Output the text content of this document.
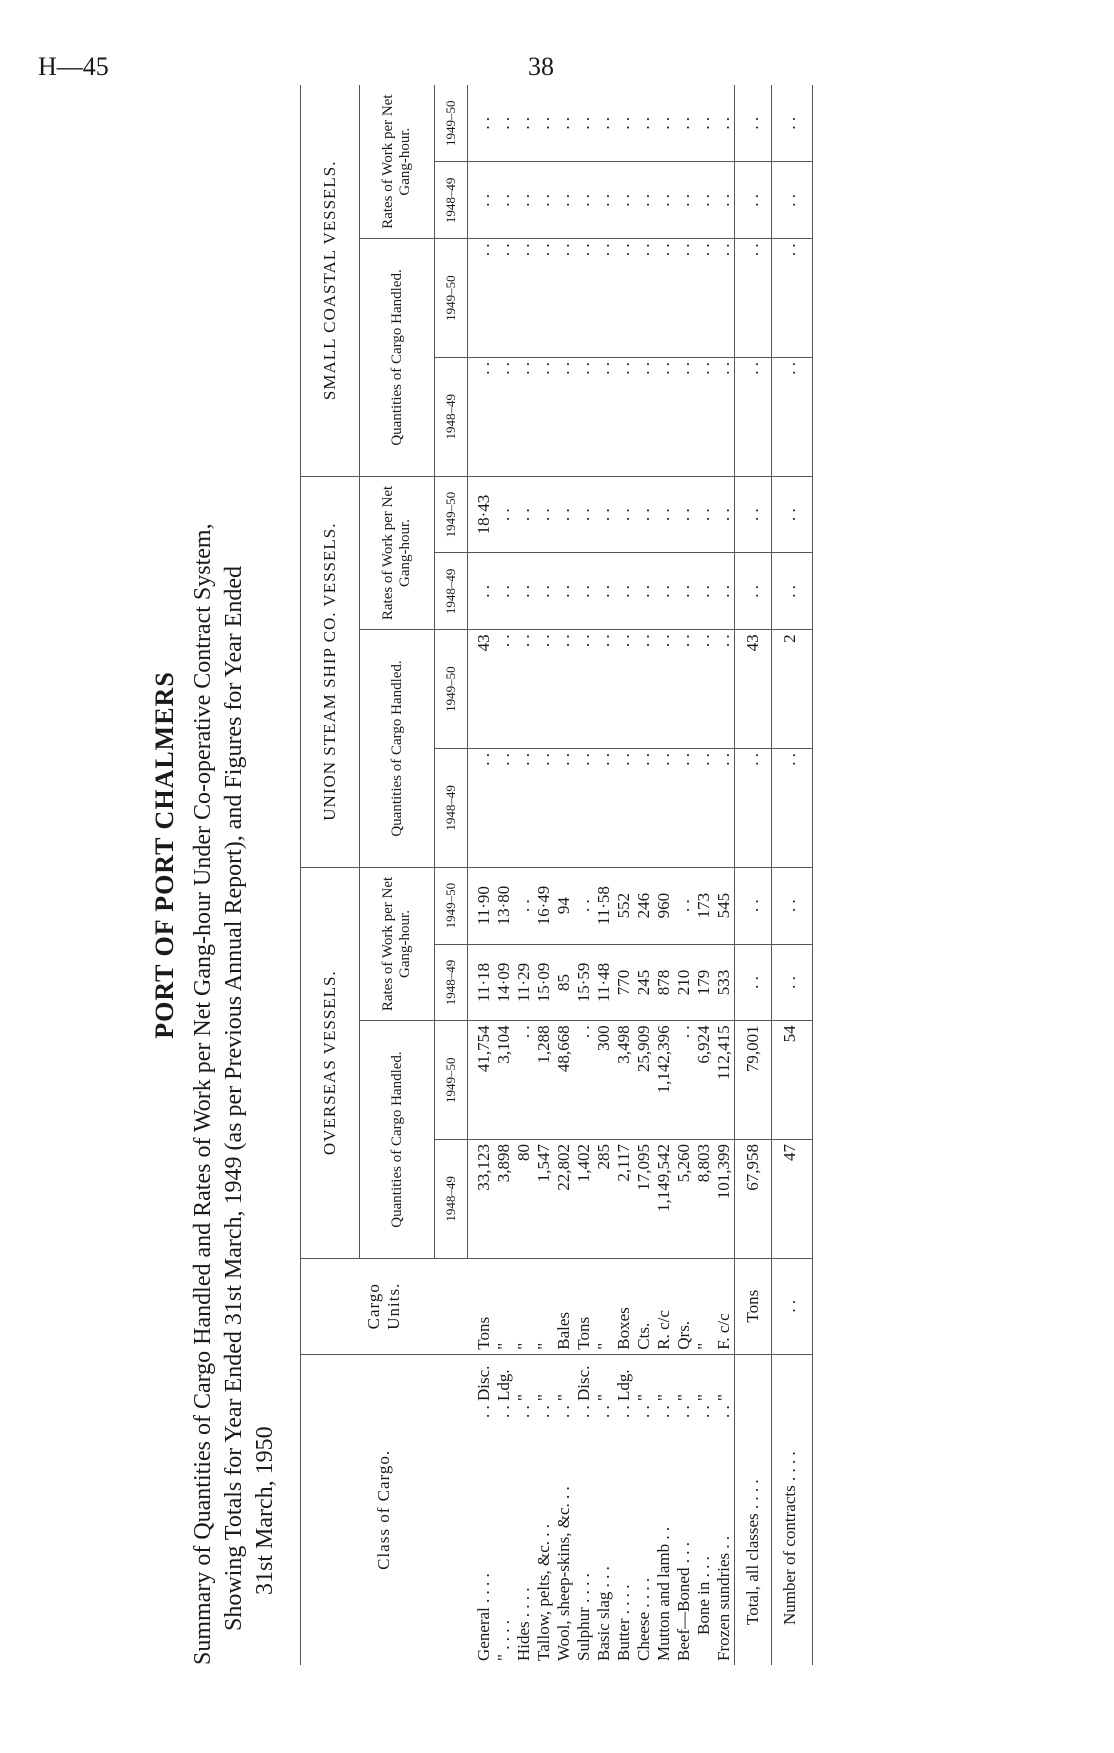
H—45	38
PORT OF PORT CHALMERS Summary of Quantities of Cargo Handled and Rates of Work per Net Gang-hour Under Co-operative Contract System, Showing Totals for Year Ended 31st March, 1949 (as per Previous Annual Report), and Figures for Year Ended 31st March, 1950	Class of Cargo.		Cargo Units.	OVERSEAS VESSELS.				UNION STEAM SHIP CO. VESSELS.				SMALL COASTAL VESSELS.			
			Quantities of Cargo Handled.		Rates of Work per Net Gang-hour.		Quantities of Cargo Handled.		Rates of Work per Net Gang-hour.		Quantities of Cargo Handled.		Rates of Work per Net Gang-hour.	
			1948–49	1949–50	1948–49	1949–50	1948–49	1949–50	1948–49	1949–50	1948–49	1949–50	1948–49	1949–50
General . . . .	. . Disc.	Tons	33,123	41,754	11·18	11·90	. .	43	. .	18·43	. .	. .	. .	. .
" . . . .	. . Ldg.	"	3,898	3,104	14·09	13·80	. .	. .	. .	. .	. .	. .	. .	. .
Hides . . . .	. . "	"	80	. .	11·29	. .	. .	. .	. .	. .	. .	. .	. .	. .
Tallow, pelts, &c. . .	. . "	"	1,547	1,288	15·09	16·49	. .	. .	. .	. .	. .	. .	. .	. .
Wool, sheep-skins, &c. . .	. . "	Bales	22,802	48,668	85	94	. .	. .	. .	. .	. .	. .	. .	. .
Sulphur . . . .	. . Disc.	Tons	1,402	. .	15·59	. .	. .	. .	. .	. .	. .	. .	. .	. .
Basic slag . . .	. . "	"	285	300	11·48	11·58	. .	. .	. .	. .	. .	. .	. .	. .
Butter . . . .	. . Ldg.	Boxes	2,117	3,498	770	552	. .	. .	. .	. .	. .	. .	. .	. .
Cheese . . . .	. . "	Cts.	17,095	25,909	245	246	. .	. .	. .	. .	. .	. .	. .	. .
Mutton and lamb . .	. . "	R. c/c	1,149,542	1,142,396	878	960	. .	. .	. .	. .	. .	. .	. .	. .
Beef—Boned . . .	. . "	Qrs.	5,260	. .	210	. .	. .	. .	. .	. .	. .	. .	. .	. .
Bone in . . .	. . "	"	8,803	6,924	179	173	. .	. .	. .	. .	. .	. .	. .	. .
Frozen sundries . .	. . "	F. c/c	101,399	112,415	533	545	. .	. .	. .	. .	. .	. .	. .	. .
Total, all classes . . . .		Tons	67,958	79,001	. .	. .	. .	43	. .	. .	. .	. .	. .	. .
Number of contracts . . . .		. .	47	54	. .	. .	. .	2	. .	. .	. .	. .	. .	. .
